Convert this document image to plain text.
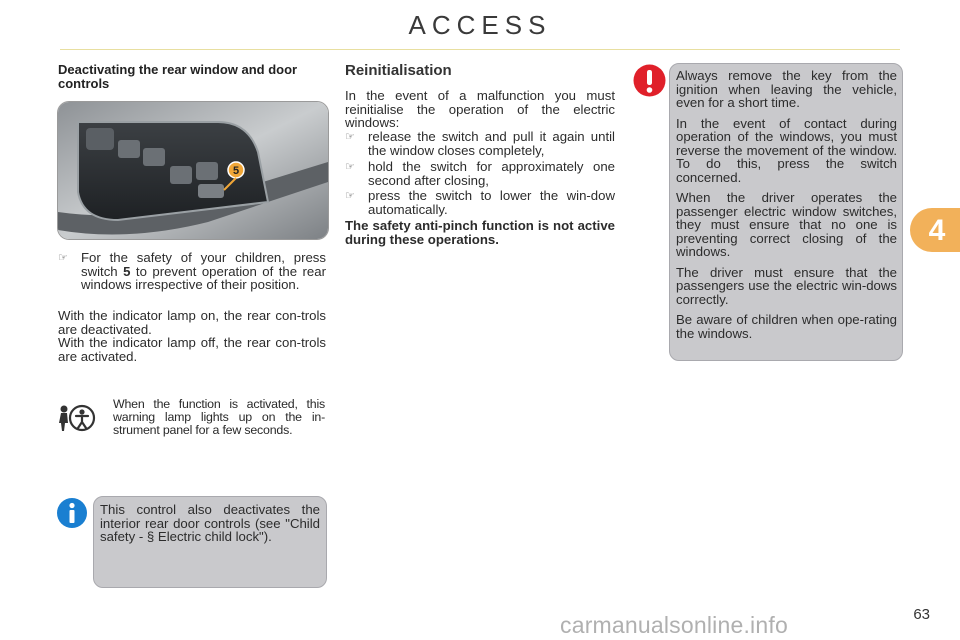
ACCESS
Deactivating the rear window and door controls
5
☞ For the safety of your children, press switch 5 to prevent operation of the rear windows irrespective of their position.

With the indicator lamp on, the rear con-trols are deactivated.

With the indicator lamp off, the rear con-trols are activated.

When the function is activated, this warning lamp lights up on the in-strument panel for a few seconds.

This control also deactivates the interior rear door controls (see "Child safety - § Electric child lock").

Reinitialisation

In the event of a malfunction you must reinitialise the operation of the electric windows:

☞ release the switch and pull it again until the window closes completely,

☞ hold the switch for approximately one second after closing,

☞ press the switch to lower the win-dow automatically.

The safety anti-pinch function is not active during these operations.

Always remove the key from the ignition when leaving the vehicle, even for a short time.

In the event of contact during operation of the windows, you must reverse the movement of the window. To do this, press the switch concerned.

When the driver operates the passenger electric window switches, they must ensure that no one is preventing correct closing of the windows.

The driver must ensure that the passengers use the electric win-dows correctly.

Be aware of children when ope-rating the windows.

4
63
carmanualsonline.info
